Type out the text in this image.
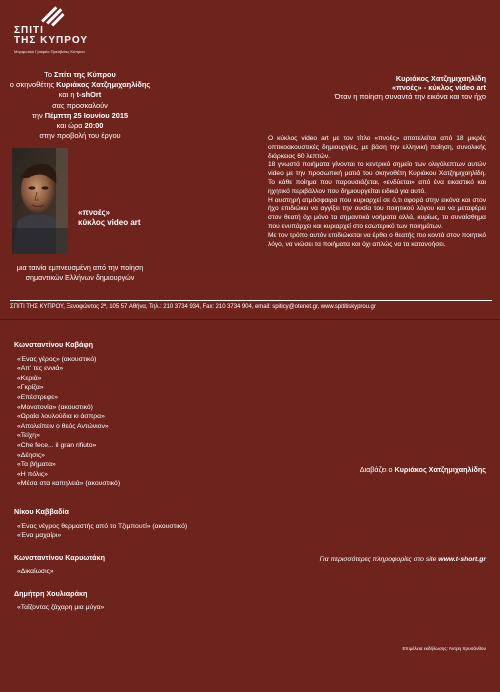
ΣΠΙΤΙ
ΤΗΣ ΚΥΠΡΟΥ
Μορφωτικό Γραφείο Πρεσβείας Κύπρου
Το Σπίτι της Κύπρου
ο σκηνοθέτης Κυριάκος Χατζημιχαηλίδης
και η t-shOrt
σας προσκαλούν
την Πέμπτη 25 Ιουνίου 2015
και ώρα 20:00
στην προβολή του έργου
«πνοές»
κύκλος video art
μια ταινία εμπνευσμένη από την ποίηση
σημαντικών Ελλήνων δημιουργών
Κυριάκος Χατζημιχαηλίδη
«πνοές» - κύκλος video art
Όταν η ποίηση συναντά την εικόνα και τον ήχο
Ο κύκλος video art με τον τίτλο «πνοές» αποτελείται από 18 μικρές οπτικοακουστικές δημιουργίες, με βάση την ελληνική ποίηση, συνολικής διάρκειας 60 λεπτών.
18 γνωστά ποιήματα γίνονται το κεντρικό σημείο των ολιγόλεπτων αυτών video με την προσωπική ματιά του σκηνοθέτη Κυριάκου Χατζημιχαηλίδη. Το κάθε ποίημα που παρουσιάζεται, «ενδύεται» από ένα εικαστικό και ηχητικό περιβάλλον που δημιουργείται ειδικά για αυτό.
Η αυστηρή ατμόσφαιρα που κυριαρχεί σε ό,τι αφορά στην εικόνα και στον ήχο επιδιώκει να αγγίξει την ουσία του ποιητικού λόγου και να μεταφέρει στον θεατή όχι μόνο τα σημαντικά νοήματα αλλά, κυρίως, το συναίσθημα που ενυπάρχει και κυριαρχεί στο εσωτερικό των ποιημάτων.
Με τον τρόπο αυτόν επιδιώκεται να έρθει ο θεατής πιο κοντά στον ποιητικό λόγο, να νιώσει τα ποιήματα και όχι απλώς να τα κατανοήσει.
ΣΠΙΤΙ ΤΗΣ ΚΥΠΡΟΥ, Ξενοφώντος 2ª, 105 57 Αθήνα, Τηλ.: 210 3734 934, Fax: 210 3734 904, email: spiticy@otenet.gr, www.spititiskyprou.gr
Κωνσταντίνου Καβάφη
«Ένας γέρος» (ακουστικό)
«Απ' τες εννιά»
«Κεριά»
«Γκρίζα»
«Επέστρεφε»
«Μονοτονία» (ακουστικό)
«Ωραία λουλούδια κι άσπρα»
«Απολείπειν ο θεός Αντώνιον»
«Τείχη»
«Che fece... il gran rifiuto»
«Δέησις»
«Τα βήματα»
«Η πόλις»
«Μέσα στα καπηλειά» (ακουστικό)
Νίκου Καββαδία
«Ένας νέγρος θερμαστής από το Τζιμπουτί» (ακουστικό)
«Ένα μαχαίρι»
Κωνσταντίνου Καρυωτάκη
«Δικαίωσις»
Δημήτρη Χουλιαράκη
«Ταΐζοντας ζάχαρη μια μύγα»
Διαβάζει ο Κυριάκος Χατζημιχαηλίδης
Για περισσότερες πληροφορίες στο site www.t-short.gr
Επιμέλεια εκδήλωσης: Άντρη Χρυσάνθου
